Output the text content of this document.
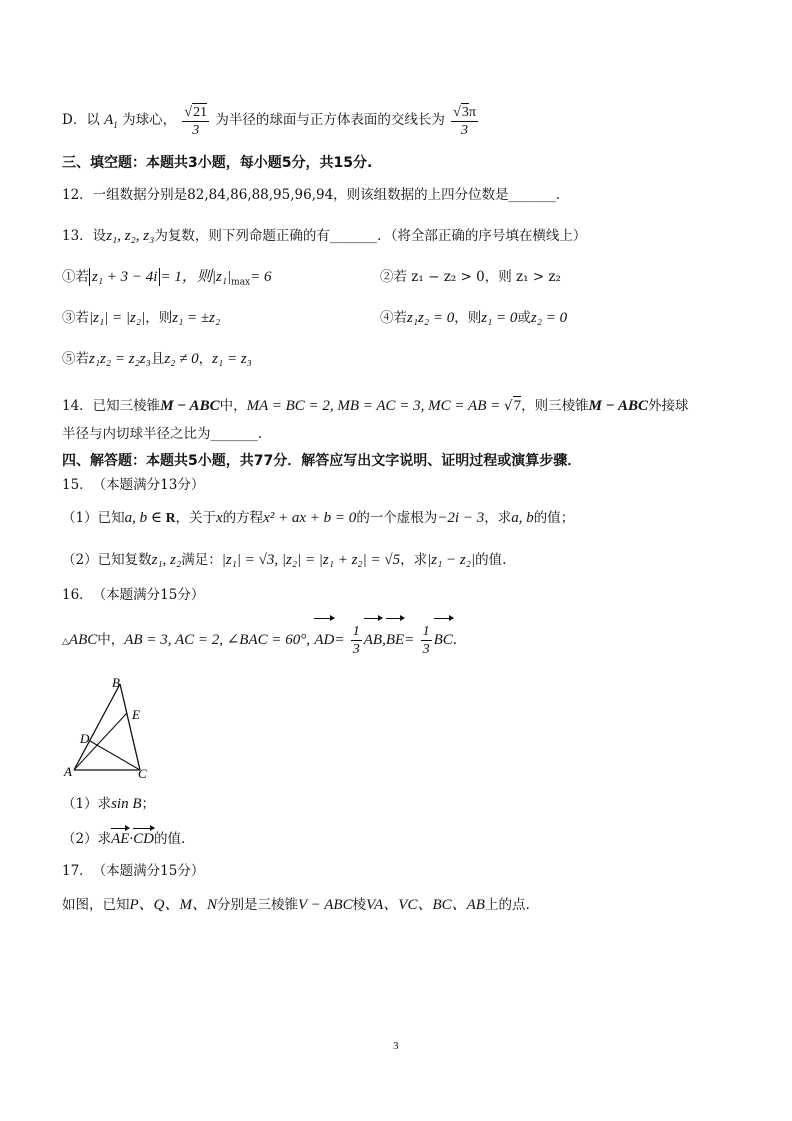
D．以 $A_1$ 为球心， $\frac{√21}{3}$ 为半径的球面与正方体表面的交线长为 $\frac{√3\pi}{3}$
三、填空题：本题共3小题，每小题5分，共15分.
12．一组数据分别是82,84,86,88,95,96,94，则该组数据的上四分位数是_______.
13．设z₁, z₂, z₃为复数，则下列命题正确的有_______．（将全部正确的序号填在横线上）
①若 z₁ + 3 − 4i = 1，则$|z_1|_{max}= 6$	②若 z₁ − z₂ > 0，则 z₁ > z₂
③若|z₁| = |z₂|，则z₁ = ±z₂	④若z₁z₂ = 0，则z₁ = 0或z₂ = 0
⑤若z₁z₂ = z₂z₃且z₂ ≠ 0，z₁ = z₃
14．已知三棱锥M − ABC中，MA = BC = 2, MB = AC = 3, MC = AB = √7，则三棱锥M − ABC外接球
半径与内切球半径之比为_______.
四、解答题：本题共5小题，共77分．解答应写出文字说明、证明过程或演算步骤．
15．　（本题满分13分）
（1）已知a, b ∈ R，关于x的方程x² + ax + b = 0的一个虚根为−2i − 3，求a, b的值；
（2）已知复数z₁, z₂满足：|z₁| = √3, |z₂| = |z₁ + z₂| = √5，求|z₁ − z₂|的值.
16．　（本题满分15分）
△ABC中，AB = 3, AC = 2, ∠BAC = 60°, $AD= \frac{1}{3} AB,BE= \frac{1}{3}$ BC.
B
E
D
A	C
（1）求sin B；
（2）求AE·CD的值.
17．　（本题满分15分）
如图，已知P、Q、M、N分别是三棱锥V − ABC棱VA、VC、BC、AB上的点.
3
